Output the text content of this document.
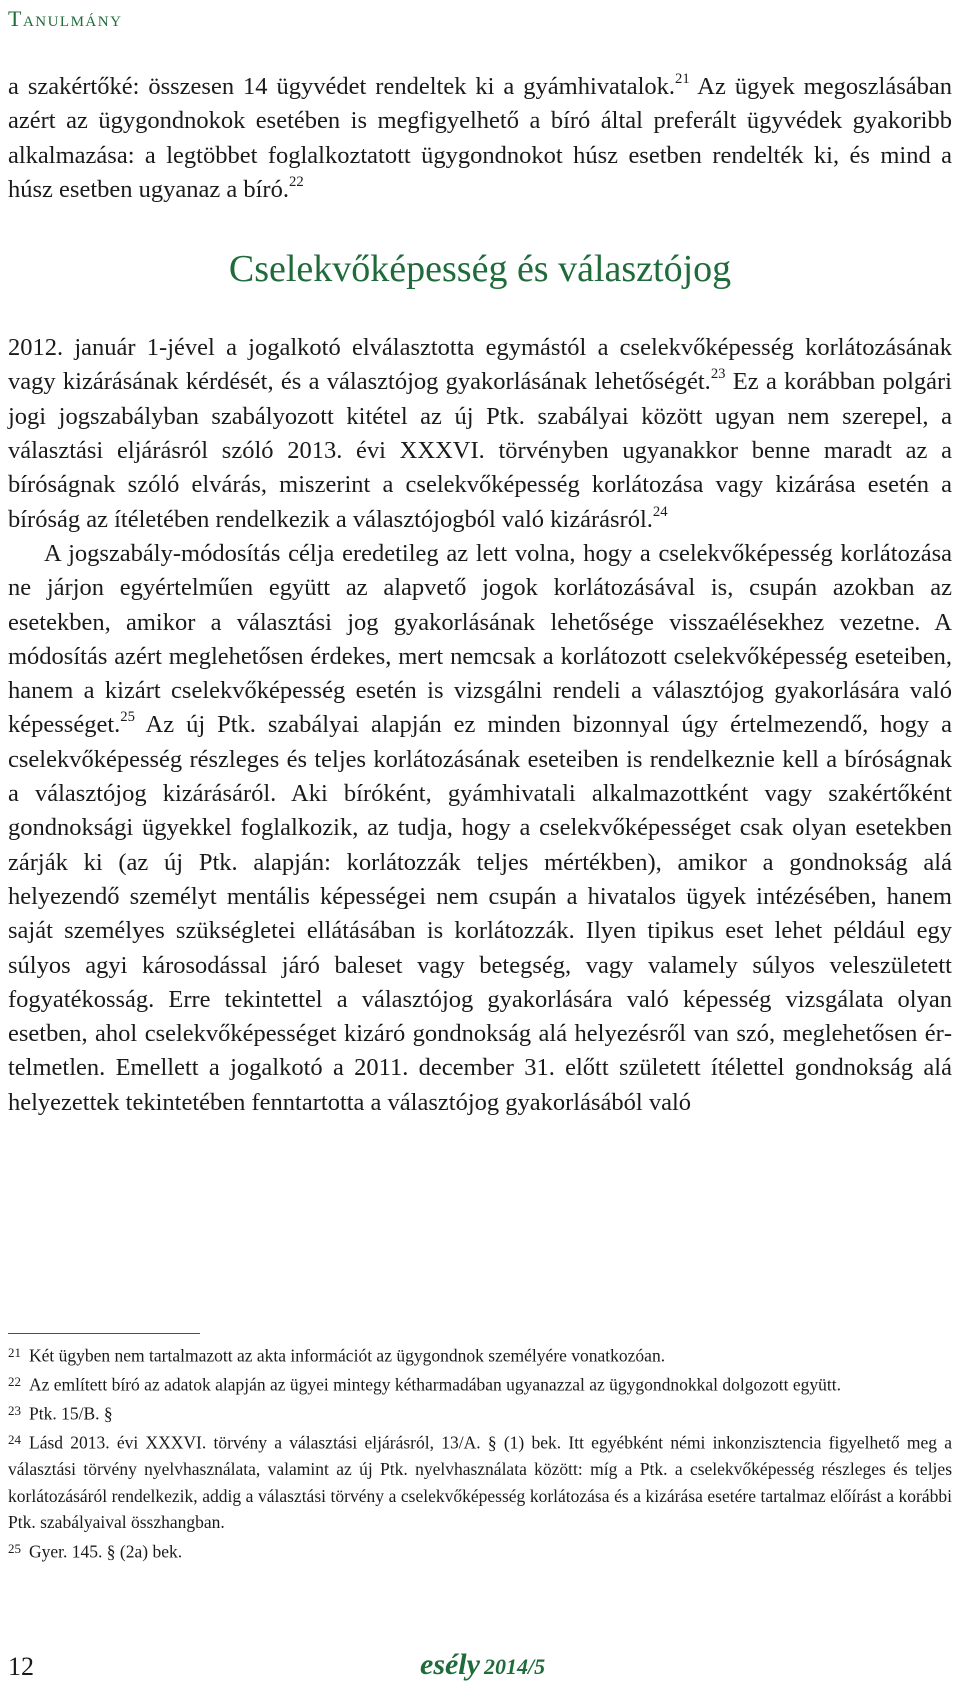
Tanulmány

a szakértőké: összesen 14 ügyvédet rendeltek ki a gyámhivatalok.$^{21}$ Az ügyek megoszlásában azért az ügygondnokok esetében is megfigyelhető a bíró által preferált ügyvédek gyakoribb alkalmazása: a legtöbbet foglalkoztatott ügygondnokot húsz esetben rendelték ki, és mind a húsz esetben ugyanaz a bíró.$^{22}$

Cselekvőképesség és választójog

2012. január 1-jével a jogalkotó elválasztotta egymástól a cselekvőképesség korlátozásának vagy kizárásának kérdését, és a választójog gyakorlásának lehetőségét.$^{23}$ Ez a korábban polgári jogi jogszabályban szabályozott kitétel az új Ptk. szabályai között ugyan nem szerepel, a választási eljárásról szóló 2013. évi XXXVI. törvényben ugyanakkor benne maradt az a bíróságnak szóló elvárás, miszerint a cselekvőképesség korlátozása vagy kizárása esetén a bíróság az ítéletében rendelkezik a választójogból való kizárásról.$^{24}$

A jogszabály-módosítás célja eredetileg az lett volna, hogy a cselekvőképesség korlátozása ne járjon egyértelműen együtt az alapvető jogok korlátozásával is, csupán azokban az esetekben, amikor a választási jog gyakorlásának lehetősége visszaélésekhez vezetne. A módosítás azért meglehetősen érdekes, mert nemcsak a korlátozott cselekvőképesség eseteiben, hanem a kizárt cselekvőképesség esetén is vizsgálni rendeli a választójog gyakorlására való képességet.$^{25}$ Az új Ptk. szabályai alapján ez minden bizonnyal úgy értelmezendő, hogy a cselekvőképesség részleges és teljes korlátozásának eseteiben is rendelkeznie kell a bíróságnak a választójog kizárásáról. Aki bíróként, gyámhivatali alkalmazottként vagy szakértőként gondnoksági ügyekkel foglalkozik, az tudja, hogy a cselekvőképességet csak olyan esetekben zárják ki (az új Ptk. alapján: korlátozzák teljes mértékben), amikor a gondnokság alá helyezendő személyt mentális képességei nem csupán a hivatalos ügyek intézésében, hanem saját személyes szükségletei ellátásában is korlátozzák. Ilyen tipikus eset lehet például egy súlyos agyi károsodással járó baleset vagy betegség, vagy valamely súlyos veleszületett fogyatékosság. Erre tekintettel a választójog gyakorlására való képesség vizsgálata olyan esetben, ahol cselekvőképességet kizáró gondnokság alá helyezésről van szó, meglehetősen értelmetlen. Emellett a jogalkotó a 2011. december 31. előtt született ítélettel gondnokság alá helyezettek tekintetében fenntartotta a választójog gyakorlásából való

$^{21}$ Két ügyben nem tartalmazott az akta információt az ügygondnok személyére vonatkozóan.

$^{22}$ Az említett bíró az adatok alapján az ügyei mintegy kétharmadában ugyanazzal az ügygondnokkal dolgozott együtt.

$^{23}$ Ptk. 15/B. §

$^{24}$ Lásd 2013. évi XXXVI. törvény a választási eljárásról, 13/A. § (1) bek. Itt egyébként némi inkonzisztencia figyelhető meg a választási törvény nyelvhasználata, valamint az új Ptk. nyelvhasználata között: míg a Ptk. a cselekvőképesség részleges és teljes korlátozásáról rendelkezik, addig a választási törvény a cselekvőképesség korlátozása és a kizárása esetére tartalmaz előírást a korábbi Ptk. szabályaival összhangban.

$^{25}$ Gyer. 145. § (2a) bek.

12	esély 2014/5
